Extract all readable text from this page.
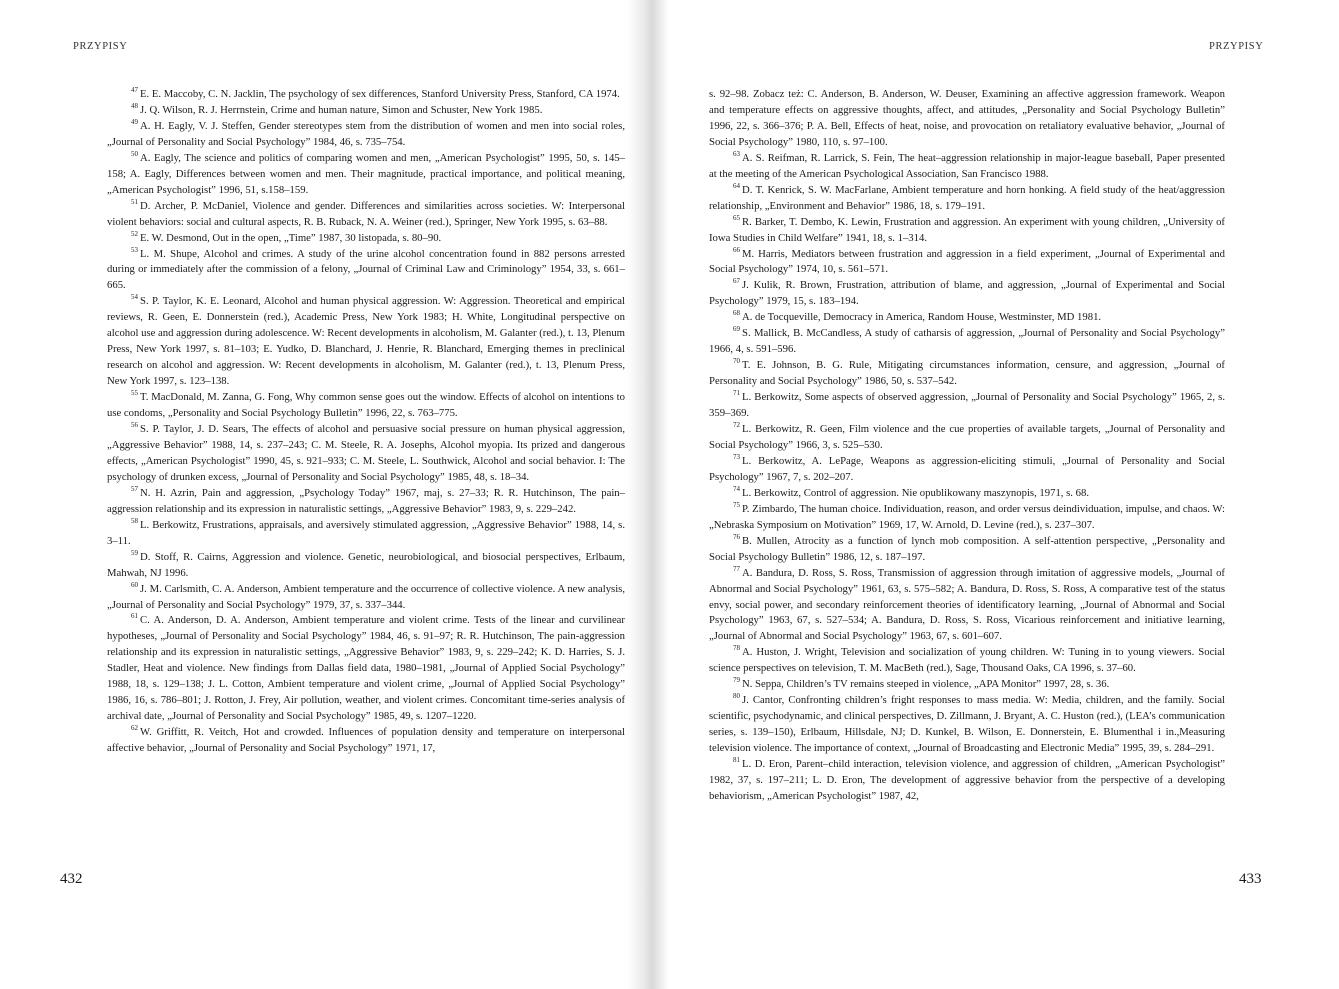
PRZYPISY	PRZYPISY

$^{47}$ E. E. Maccoby, C. N. Jacklin, The psychology of sex differences, Stanford University Press, Stanford, CA 1974.

$^{48}$ J. Q. Wilson, R. J. Herrnstein, Crime and human nature, Simon and Schuster, New York 1985.

$^{49}$ A. H. Eagly, V. J. Steffen, Gender stereotypes stem from the distribution of women and men into social roles, „Journal of Personality and Social Psychology” 1984, 46, s. 735–754.

$^{50}$ A. Eagly, The science and politics of comparing women and men, „American Psychologist” 1995, 50, s. 145–158; A. Eagly, Differences between women and men. Their magnitude, practical importance, and political meaning, „American Psychologist” 1996, 51, s.158–159.

$^{51}$ D. Archer, P. McDaniel, Violence and gender. Differences and similarities across societies. W: Interpersonal violent behaviors: social and cultural aspects, R. B. Ruback, N. A. Weiner (red.), Springer, New York 1995, s. 63–88.

$^{52}$ E. W. Desmond, Out in the open, „Time” 1987, 30 listopada, s. 80–90.

$^{53}$ L. M. Shupe, Alcohol and crimes. A study of the urine alcohol concentration found in 882 persons arrested during or immediately after the commission of a felony, „Journal of Criminal Law and Criminology” 1954, 33, s. 661–665.

$^{54}$ S. P. Taylor, K. E. Leonard, Alcohol and human physical aggression. W: Aggression. Theoretical and empirical reviews, R. Geen, E. Donnerstein (red.), Academic Press, New York 1983; H. White, Longitudinal perspective on alcohol use and aggression during adolescence. W: Recent developments in alcoholism, M. Galanter (red.), t. 13, Plenum Press, New York 1997, s. 81–103; E. Yudko, D. Blanchard, J. Henrie, R. Blanchard, Emerging themes in preclinical research on alcohol and aggression. W: Recent developments in alcoholism, M. Galanter (red.), t. 13, Plenum Press, New York 1997, s. 123–138.

$^{55}$ T. MacDonald, M. Zanna, G. Fong, Why common sense goes out the window. Effects of alcohol on intentions to use condoms, „Personality and Social Psychology Bulletin” 1996, 22, s. 763–775.

$^{56}$ S. P. Taylor, J. D. Sears, The effects of alcohol and persuasive social pressure on human physical aggression, „Aggressive Behavior” 1988, 14, s. 237–243; C. M. Steele, R. A. Josephs, Alcohol myopia. Its prized and dangerous effects, „American Psychologist” 1990, 45, s. 921–933; C. M. Steele, L. Southwick, Alcohol and social behavior. I: The psychology of drunken excess, „Journal of Personality and Social Psychology” 1985, 48, s. 18–34.

$^{57}$ N. H. Azrin, Pain and aggression, „Psychology Today” 1967, maj, s. 27–33; R. R. Hutchinson, The pain–aggression relationship and its expression in naturalistic settings, „Aggressive Behavior” 1983, 9, s. 229–242.

$^{58}$ L. Berkowitz, Frustrations, appraisals, and aversively stimulated aggression, „Aggressive Behavior” 1988, 14, s. 3–11.

$^{59}$ D. Stoff, R. Cairns, Aggression and violence. Genetic, neurobiological, and biosocial perspectives, Erlbaum, Mahwah, NJ 1996.

$^{60}$ J. M. Carlsmith, C. A. Anderson, Ambient temperature and the occurrence of collective violence. A new analysis, „Journal of Personality and Social Psychology” 1979, 37, s. 337–344.

$^{61}$ C. A. Anderson, D. A. Anderson, Ambient temperature and violent crime. Tests of the linear and curvilinear hypotheses, „Journal of Personality and Social Psychology” 1984, 46, s. 91–97; R. R. Hutchinson, The pain-aggression relationship and its expression in naturalistic settings, „Aggressive Behavior” 1983, 9, s. 229–242; K. D. Harries, S. J. Stadler, Heat and violence. New findings from Dallas field data, 1980–1981, „Journal of Applied Social Psychology” 1988, 18, s. 129–138; J. L. Cotton, Ambient temperature and violent crime, „Journal of Applied Social Psychology” 1986, 16, s. 786–801; J. Rotton, J. Frey, Air pollution, weather, and violent crimes. Concomitant time-series analysis of archival date, „Journal of Personality and Social Psychology” 1985, 49, s. 1207–1220.

$^{62}$ W. Griffitt, R. Veitch, Hot and crowded. Influences of population density and temperature on interpersonal affective behavior, „Journal of Personality and Social Psychology” 1971, 17,

s. 92–98. Zobacz też: C. Anderson, B. Anderson, W. Deuser, Examining an affective aggression framework. Weapon and temperature effects on aggressive thoughts, affect, and attitudes, „Personality and Social Psychology Bulletin” 1996, 22, s. 366–376; P. A. Bell, Effects of heat, noise, and provocation on retaliatory evaluative behavior, „Journal of Social Psychology” 1980, 110, s. 97–100.

$^{63}$ A. S. Reifman, R. Larrick, S. Fein, The heat–aggression relationship in major-league baseball, Paper presented at the meeting of the American Psychological Association, San Francisco 1988.

$^{64}$ D. T. Kenrick, S. W. MacFarlane, Ambient temperature and horn honking. A field study of the heat/aggression relationship, „Environment and Behavior” 1986, 18, s. 179–191.

$^{65}$ R. Barker, T. Dembo, K. Lewin, Frustration and aggression. An experiment with young children, „University of Iowa Studies in Child Welfare” 1941, 18, s. 1–314.

$^{66}$ M. Harris, Mediators between frustration and aggression in a field experiment, „Journal of Experimental and Social Psychology” 1974, 10, s. 561–571.

$^{67}$ J. Kulik, R. Brown, Frustration, attribution of blame, and aggression, „Journal of Experimental and Social Psychology” 1979, 15, s. 183–194.

$^{68}$ A. de Tocqueville, Democracy in America, Random House, Westminster, MD 1981.

$^{69}$ S. Mallick, B. McCandless, A study of catharsis of aggression, „Journal of Personality and Social Psychology” 1966, 4, s. 591–596.

$^{70}$ T. E. Johnson, B. G. Rule, Mitigating circumstances information, censure, and aggression, „Journal of Personality and Social Psychology” 1986, 50, s. 537–542.

$^{71}$ L. Berkowitz, Some aspects of observed aggression, „Journal of Personality and Social Psychology” 1965, 2, s. 359–369.

$^{72}$ L. Berkowitz, R. Geen, Film violence and the cue properties of available targets, „Journal of Personality and Social Psychology” 1966, 3, s. 525–530.

$^{73}$ L. Berkowitz, A. LePage, Weapons as aggression-eliciting stimuli, „Journal of Personality and Social Psychology” 1967, 7, s. 202–207.

$^{74}$ L. Berkowitz, Control of aggression. Nie opublikowany maszynopis, 1971, s. 68.

$^{75}$ P. Zimbardo, The human choice. Individuation, reason, and order versus deindividuation, impulse, and chaos. W: „Nebraska Symposium on Motivation” 1969, 17, W. Arnold, D. Levine (red.), s. 237–307.

$^{76}$ B. Mullen, Atrocity as a function of lynch mob composition. A self-attention perspective, „Personality and Social Psychology Bulletin” 1986, 12, s. 187–197.

$^{77}$ A. Bandura, D. Ross, S. Ross, Transmission of aggression through imitation of aggressive models, „Journal of Abnormal and Social Psychology” 1961, 63, s. 575–582; A. Bandura, D. Ross, S. Ross, A comparative test of the status envy, social power, and secondary reinforcement theories of identificatory learning, „Journal of Abnormal and Social Psychology” 1963, 67, s. 527–534; A. Bandura, D. Ross, S. Ross, Vicarious reinforcement and initiative learning, „Journal of Abnormal and Social Psychology” 1963, 67, s. 601–607.

$^{78}$ A. Huston, J. Wright, Television and socialization of young children. W: Tuning in to young viewers. Social science perspectives on television, T. M. MacBeth (red.), Sage, Thousand Oaks, CA 1996, s. 37–60.

$^{79}$ N. Seppa, Children’s TV remains steeped in violence, „APA Monitor” 1997, 28, s. 36.

$^{80}$ J. Cantor, Confronting children’s fright responses to mass media. W: Media, children, and the family. Social scientific, psychodynamic, and clinical perspectives, D. Zillmann, J. Bryant, A. C. Huston (red.), (LEA’s communication series, s. 139–150), Erlbaum, Hillsdale, NJ; D. Kunkel, B. Wilson, E. Donnerstein, E. Blumenthal i in.,Measuring television violence. The importance of context, „Journal of Broadcasting and Electronic Media” 1995, 39, s. 284–291.

$^{81}$ L. D. Eron, Parent–child interaction, television violence, and aggression of children, „American Psychologist” 1982, 37, s. 197–211; L. D. Eron, The development of aggressive behavior from the perspective of a developing behaviorism, „American Psychologist” 1987, 42,

432	433
